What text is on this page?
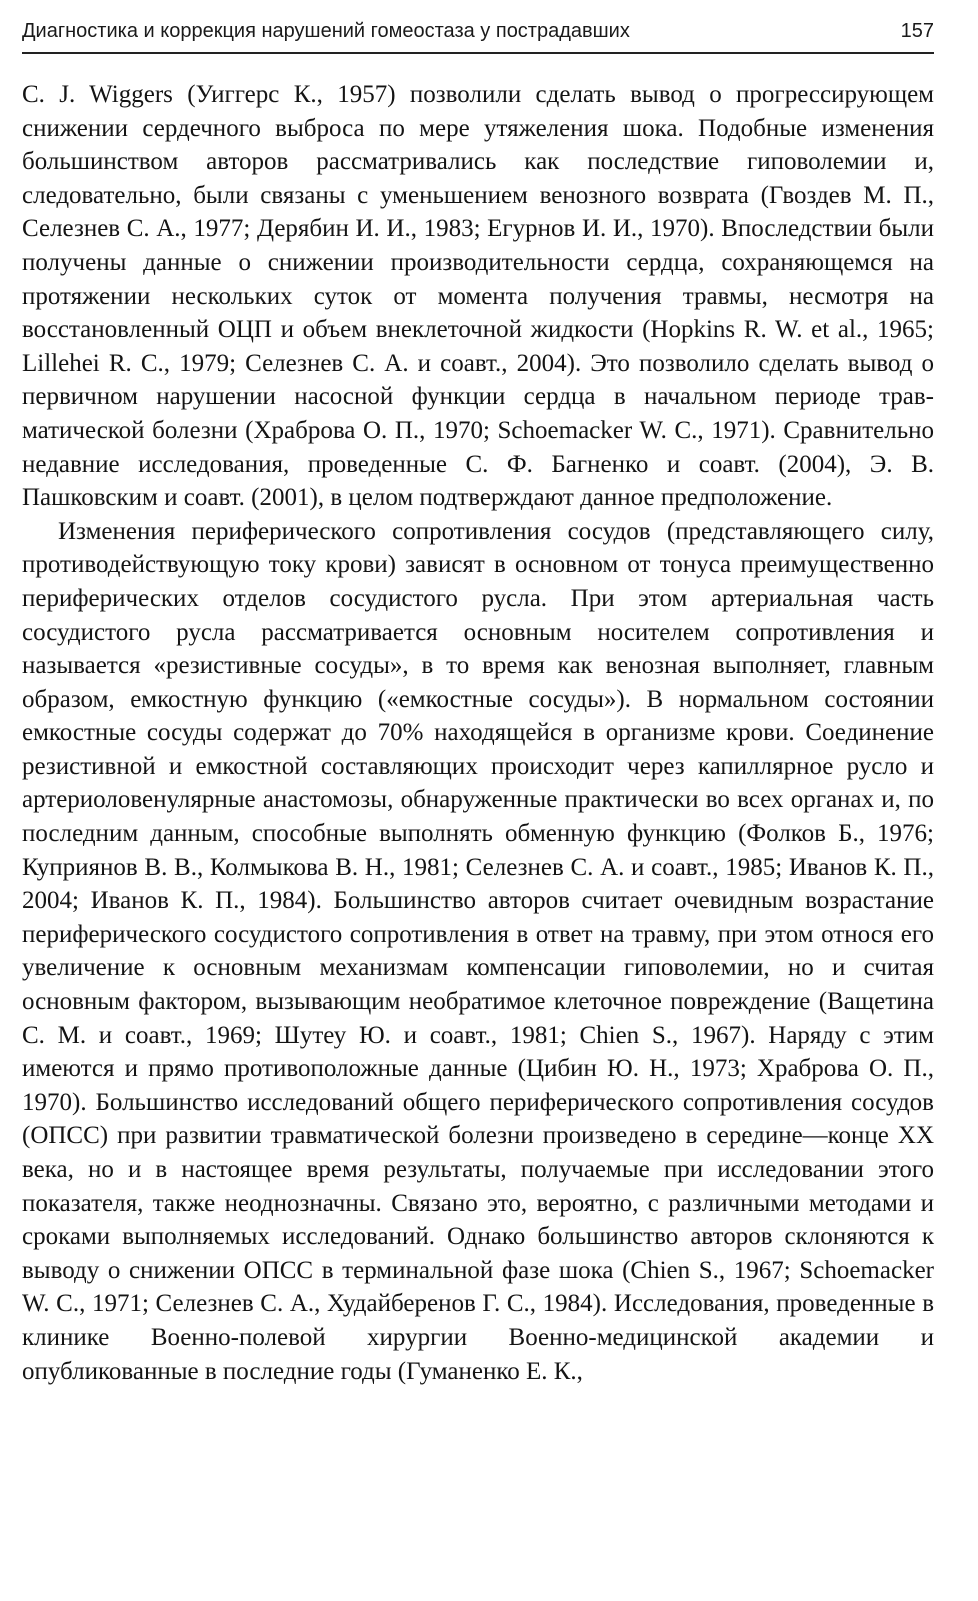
Диагностика и коррекция нарушений гомеостаза у пострадавших	157

C. J. Wiggers (Уиггерс К., 1957) позволили сделать вывод о прогрессирующем снижении сердечного выброса по мере утяжеления шока. Подобные изменения большинством авторов рассматривались как последствие гиповолемии и, следовательно, были связаны с уменьшением венозного возврата (Гвоздев М. П., Селезнев С. А., 1977; Дерябин И. И., 1983; Егурнов И. И., 1970). Впоследствии были получены данные о снижении производительности сердца, сохраняющемся на протяжении нескольких суток от момента получения травмы, несмотря на восстановленный ОЦП и объем внеклеточной жидкости (Hopkins R. W. et al., 1965; Lillehei R. C., 1979; Селезнев С. А. и соавт., 2004). Это позволило сделать вывод о первичном нарушении насосной функции сердца в начальном периоде травматической болезни (Храброва О. П., 1970; Schoemacker W. C., 1971). Сравнительно недавние исследования, проведенные С. Ф. Багненко и соавт. (2004), Э. В. Пашковским и соавт. (2001), в целом подтверждают данное предположение.

Изменения периферического сопротивления сосудов (представляющего силу, противодействующую току крови) зависят в основном от тонуса преимущественно периферических отделов сосудистого русла. При этом артериальная часть сосудистого русла рассматривается основным носителем сопротивления и называется «резистивные сосуды», в то время как венозная выполняет, главным образом, емкостную функцию («емкостные сосуды»). В нормальном состоянии емкостные сосуды содержат до 70% находящейся в организме крови. Соединение резистивной и емкостной составляющих происходит через капиллярное русло и артериоловенулярные анастомозы, обнаруженные практически во всех органах и, по последним данным, способные выполнять обменную функцию (Фолков Б., 1976; Куприянов В. В., Колмыкова В. Н., 1981; Селезнев С. А. и соавт., 1985; Иванов К. П., 2004; Иванов К. П., 1984). Большинство авторов считает очевидным возрастание периферического сосудистого сопротивления в ответ на травму, при этом относя его увеличение к основным механизмам компенсации гиповолемии, но и считая основным фактором, вызывающим необратимое клеточное повреждение (Ващетина С. М. и соавт., 1969; Шутеу Ю. и соавт., 1981; Chien S., 1967). Наряду с этим имеются и прямо противоположные данные (Цибин Ю. Н., 1973; Храброва О. П., 1970). Большинство исследований общего периферического сопротивления сосудов (ОПСС) при развитии травматической болезни произведено в середине—конце XX века, но и в настоящее время результаты, получаемые при исследовании этого показателя, также неоднозначны. Связано это, вероятно, с различными методами и сроками выполняемых исследований. Однако большинство авторов склоняются к выводу о снижении ОПСС в терминальной фазе шока (Chien S., 1967; Schoemacker W. C., 1971; Селезнев С. А., Худайберенов Г. С., 1984). Исследования, проведенные в клинике Военно-полевой хирургии Военно-медицинской академии и опубликованные в последние годы (Гуманенко Е. К.,
